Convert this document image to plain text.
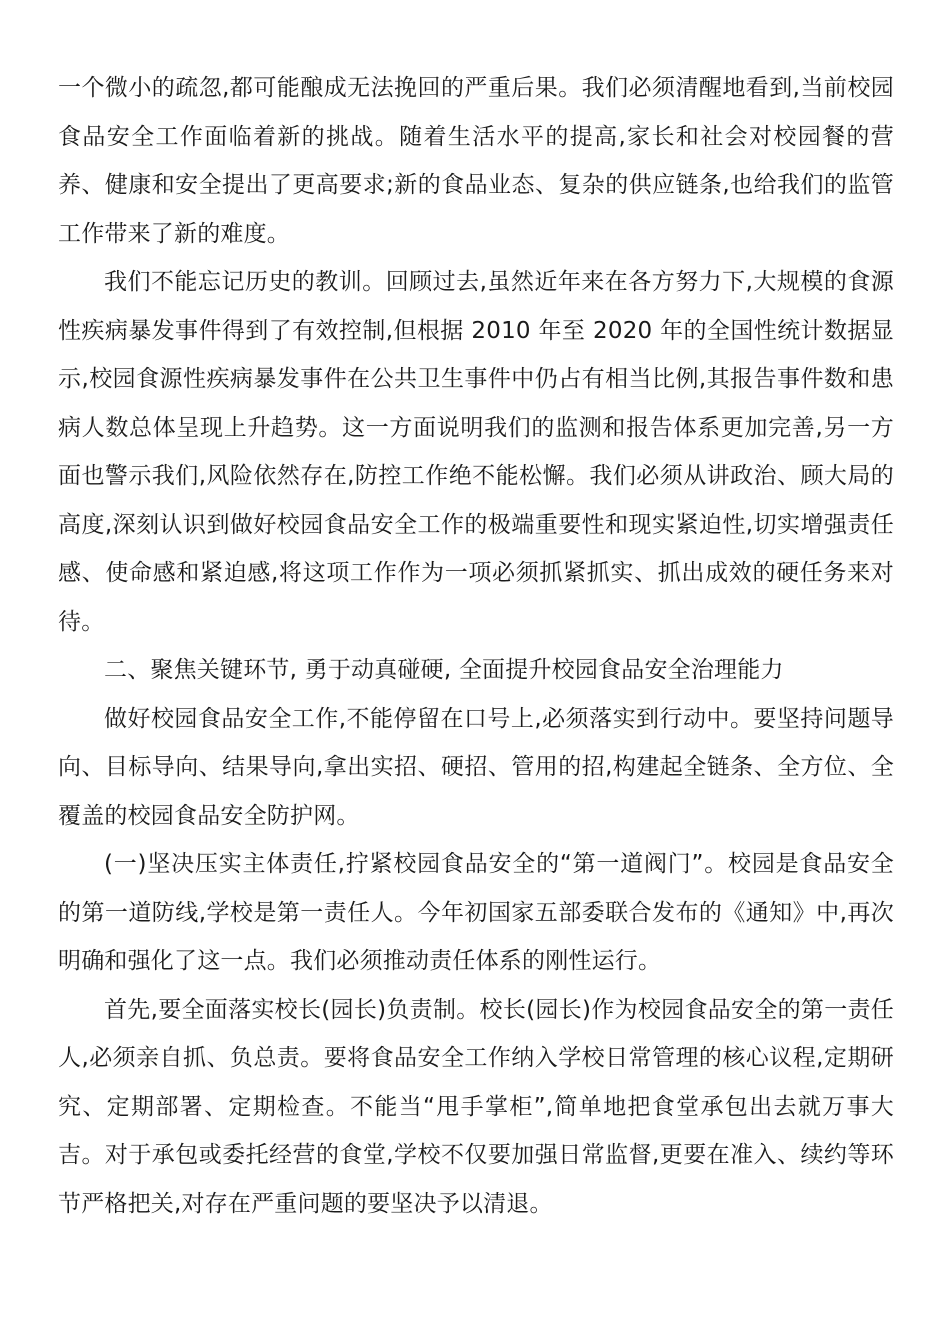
一个微小的疏忽,都可能酿成无法挽回的严重后果。我们必须清醒地看到,当前校园食品安全工作面临着新的挑战。随着生活水平的提高,家长和社会对校园餐的营养、健康和安全提出了更高要求;新的食品业态、复杂的供应链条,也给我们的监管工作带来了新的难度。

我们不能忘记历史的教训。回顾过去,虽然近年来在各方努力下,大规模的食源性疾病暴发事件得到了有效控制,但根据 2010 年至 2020 年的全国性统计数据显示,校园食源性疾病暴发事件在公共卫生事件中仍占有相当比例,其报告事件数和患病人数总体呈现上升趋势。这一方面说明我们的监测和报告体系更加完善,另一方面也警示我们,风险依然存在,防控工作绝不能松懈。我们必须从讲政治、顾大局的高度,深刻认识到做好校园食品安全工作的极端重要性和现实紧迫性,切实增强责任感、使命感和紧迫感,将这项工作作为一项必须抓紧抓实、抓出成效的硬任务来对待。

二、聚焦关键环节, 勇于动真碰硬, 全面提升校园食品安全治理能力

做好校园食品安全工作,不能停留在口号上,必须落实到行动中。要坚持问题导向、目标导向、结果导向,拿出实招、硬招、管用的招,构建起全链条、全方位、全覆盖的校园食品安全防护网。

(一)坚决压实主体责任,拧紧校园食品安全的“第一道阀门”。校园是食品安全的第一道防线,学校是第一责任人。今年初国家五部委联合发布的《通知》中,再次明确和强化了这一点。我们必须推动责任体系的刚性运行。

首先,要全面落实校长(园长)负责制。校长(园长)作为校园食品安全的第一责任人,必须亲自抓、负总责。要将食品安全工作纳入学校日常管理的核心议程,定期研究、定期部署、定期检查。不能当“甩手掌柜”,简单地把食堂承包出去就万事大吉。对于承包或委托经营的食堂,学校不仅要加强日常监督,更要在准入、续约等环节严格把关,对存在严重问题的要坚决予以清退。
